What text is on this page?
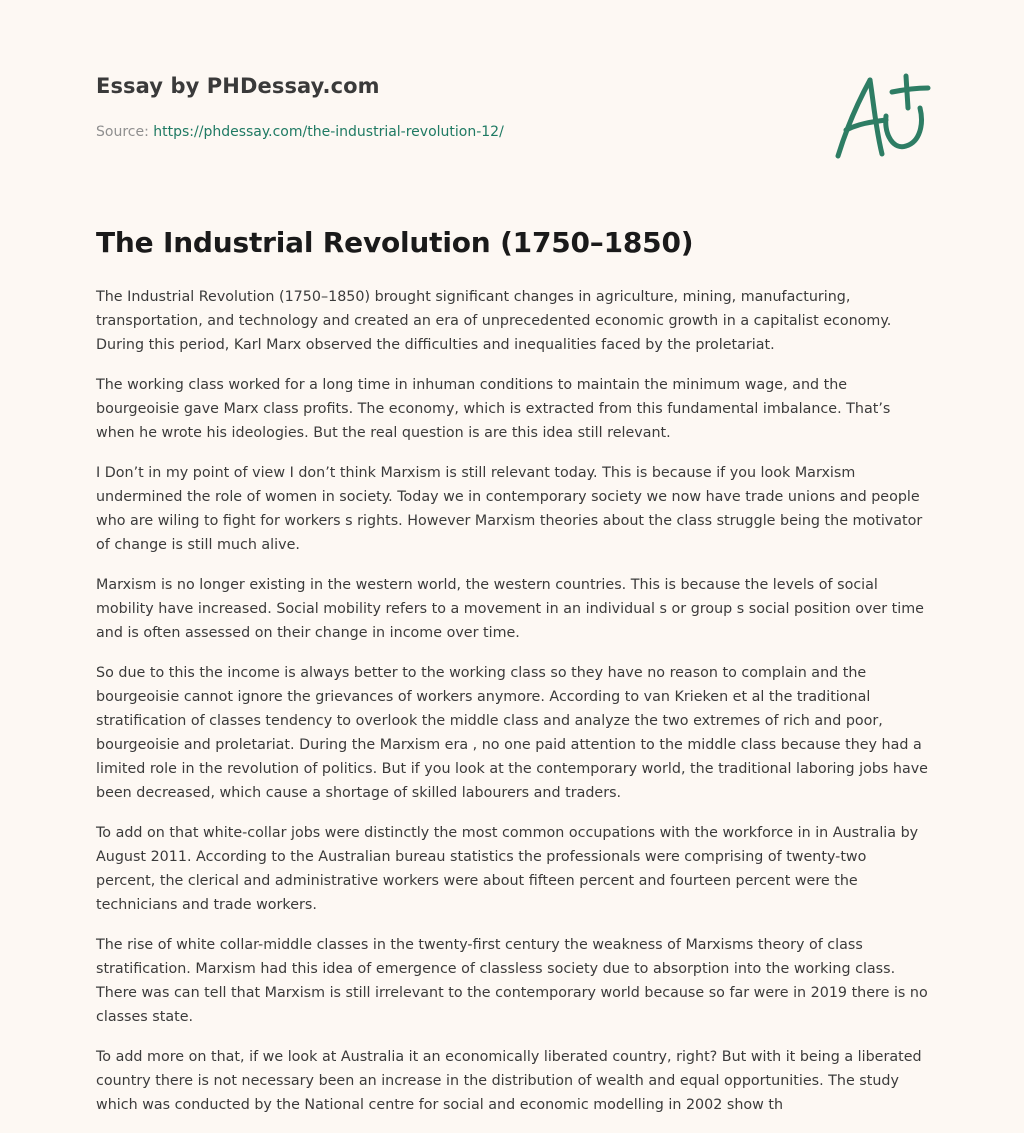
Essay by PHDessay.com
Source: https://phdessay.com/the-industrial-revolution-12/
The Industrial Revolution (1750–1850)

The Industrial Revolution (1750–1850) brought significant changes in agriculture, mining, manufacturing, transportation, and technology and created an era of unprecedented economic growth in a capitalist economy. During this period, Karl Marx observed the difficulties and inequalities faced by the proletariat.

The working class worked for a long time in inhuman conditions to maintain the minimum wage, and the bourgeoisie gave Marx class profits. The economy, which is extracted from this fundamental imbalance. That’s when he wrote his ideologies. But the real question is are this idea still relevant.

I Don’t in my point of view I don’t think Marxism is still relevant today. This is because if you look Marxism undermined the role of women in society. Today we in contemporary society we now have trade unions and people who are wiling to fight for workers s rights. However Marxism theories about the class struggle being the motivator of change is still much alive.

Marxism is no longer existing in the western world, the western countries. This is because the levels of social mobility have increased. Social mobility refers to a movement in an individual s or group s social position over time and is often assessed on their change in income over time.

So due to this the income is always better to the working class so they have no reason to complain and the bourgeoisie cannot ignore the grievances of workers anymore. According to van Krieken et al the traditional stratification of classes tendency to overlook the middle class and analyze the two extremes of rich and poor, bourgeoisie and proletariat. During the Marxism era , no one paid attention to the middle class because they had a limited role in the revolution of politics. But if you look at the contemporary world, the traditional laboring jobs have been decreased, which cause a shortage of skilled labourers and traders.

To add on that white-collar jobs were distinctly the most common occupations with the workforce in in Australia by August 2011. According to the Australian bureau statistics the professionals were comprising of twenty-two percent, the clerical and administrative workers were about fifteen percent and fourteen percent were the technicians and trade workers.

The rise of white collar-middle classes in the twenty-first century the weakness of Marxisms theory of class stratification. Marxism had this idea of emergence of classless society due to absorption into the working class. There was can tell that Marxism is still irrelevant to the contemporary world because so far were in 2019 there is no classes state.

To add more on that, if we look at Australia it an economically liberated country, right? But with it being a liberated country there is not necessary been an increase in the distribution of wealth and equal opportunities. The study which was conducted by the National centre for social and economic modelling in 2002 show th
